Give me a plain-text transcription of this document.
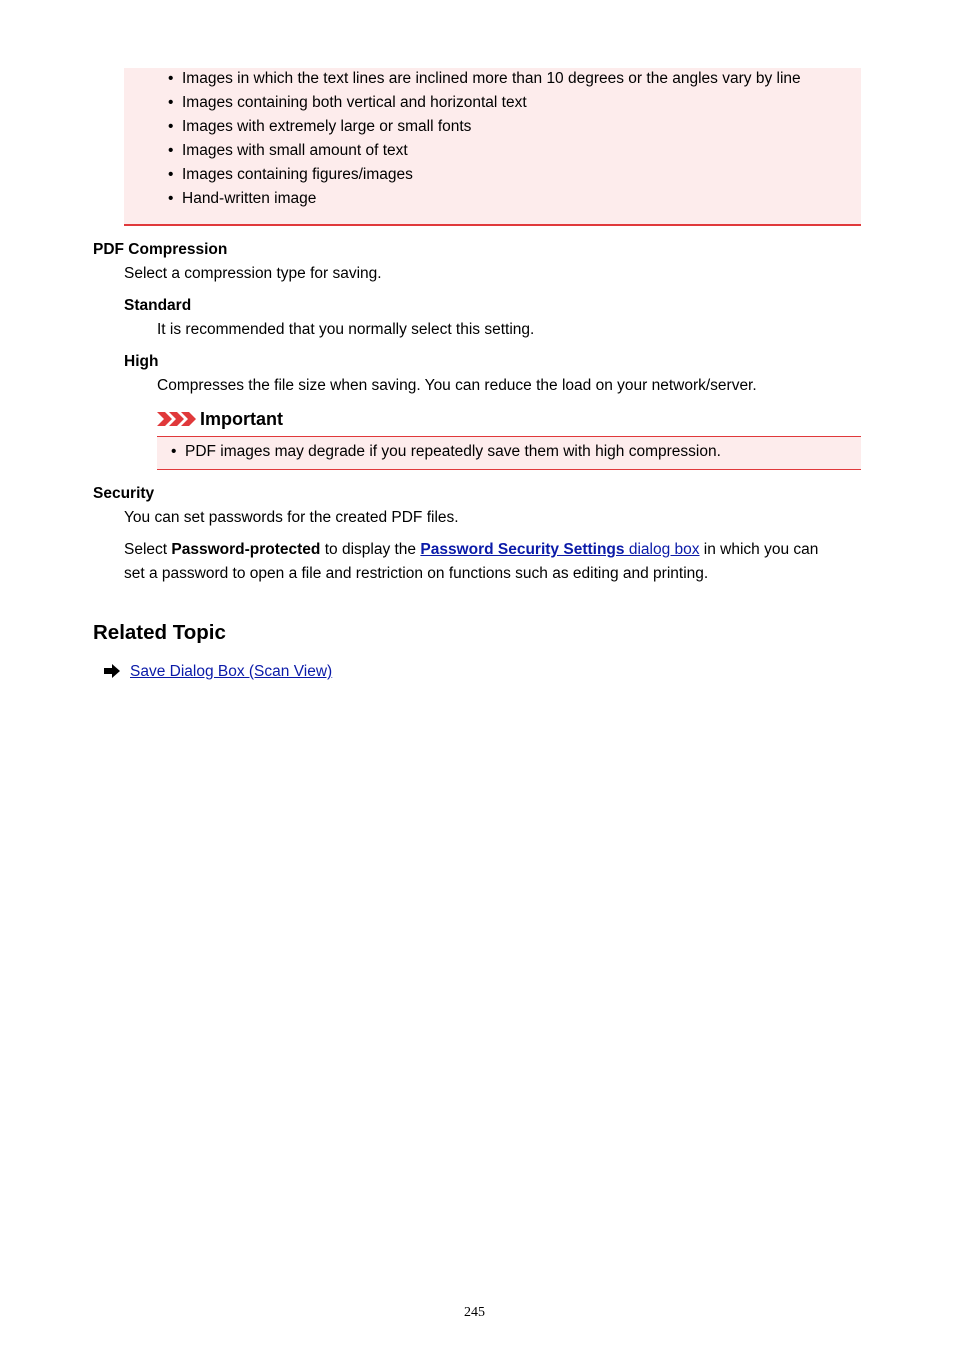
• Images in which the text lines are inclined more than 10 degrees or the angles vary by line
• Images containing both vertical and horizontal text
• Images with extremely large or small fonts
• Images with small amount of text
• Images containing figures/images
• Hand-written image
PDF Compression
Select a compression type for saving.
Standard
It is recommended that you normally select this setting.
High
Compresses the file size when saving. You can reduce the load on your network/server.
Important
• PDF images may degrade if you repeatedly save them with high compression.
Security
You can set passwords for the created PDF files.
Select Password-protected to display the Password Security Settings dialog box in which you can
set a password to open a file and restriction on functions such as editing and printing.
Related Topic
Save Dialog Box (Scan View)
245
